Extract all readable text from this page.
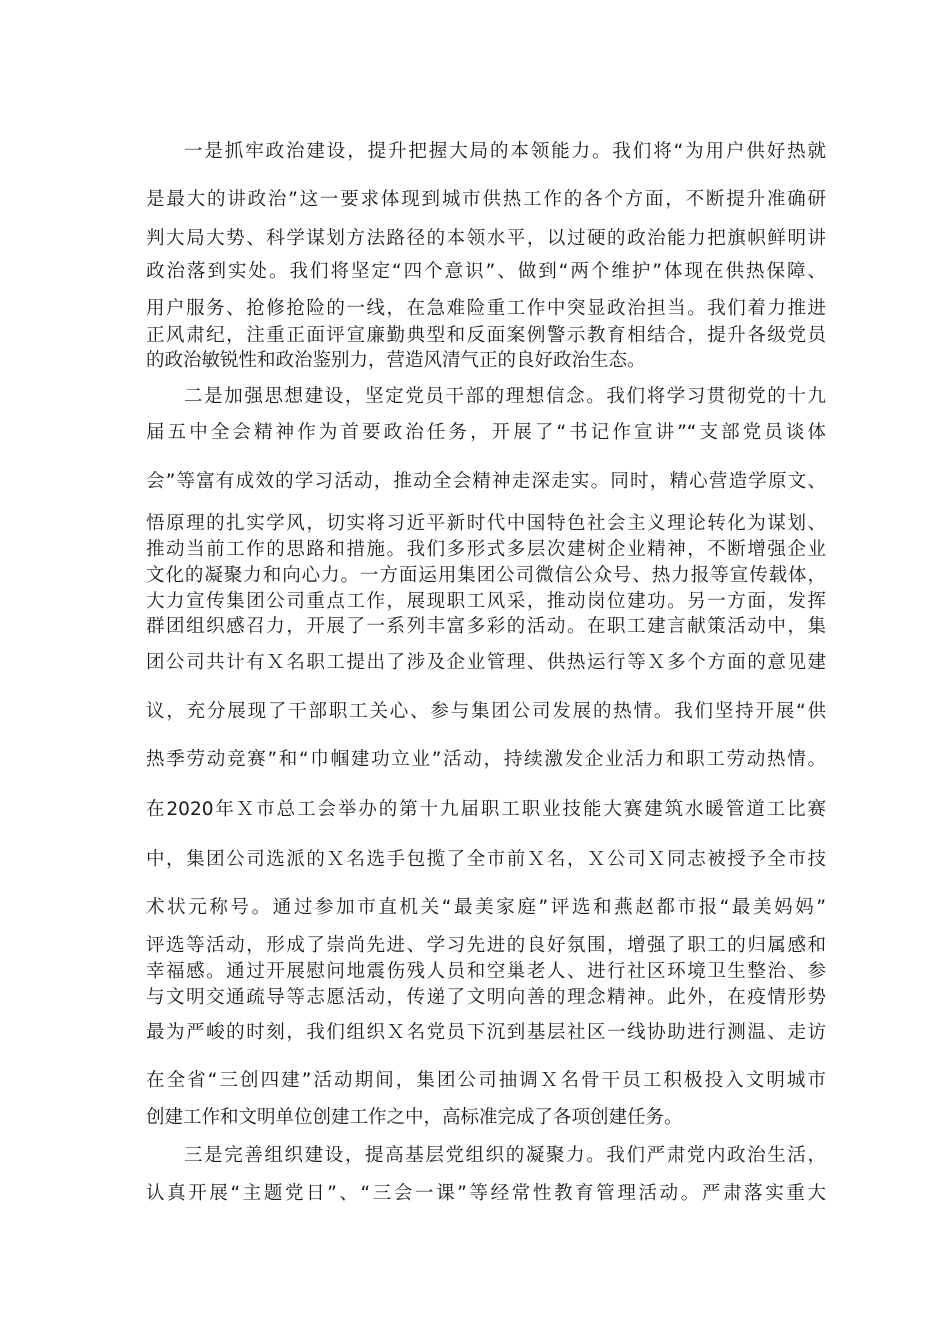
一是抓牢政治建设，提升把握大局的本领能力。我们将“为用户供好热就
是最大的讲政治”这一要求体现到城市供热工作的各个方面，不断提升准确研
判大局大势、科学谋划方法路径的本领水平，以过硬的政治能力把旗帜鲜明讲
政治落到实处。我们将坚定“四个意识”、做到“两个维护”体现在供热保障、
用户服务、抢修抢险的一线，在急难险重工作中突显政治担当。我们着力推进
正风肃纪，注重正面评宣廉勤典型和反面案例警示教育相结合，提升各级党员
的政治敏锐性和政治鉴别力，营造风清气正的良好政治生态。
二是加强思想建设，坚定党员干部的理想信念。我们将学习贯彻党的十九
届五中全会精神作为首要政治任务，开展了“书记作宣讲”“支部党员谈体
会”等富有成效的学习活动，推动全会精神走深走实。同时，精心营造学原文、
悟原理的扎实学风，切实将习近平新时代中国特色社会主义理论转化为谋划、
推动当前工作的思路和措施。我们多形式多层次建树企业精神，不断增强企业
文化的凝聚力和向心力。一方面运用集团公司微信公众号、热力报等宣传载体，
大力宣传集团公司重点工作，展现职工风采，推动岗位建功。另一方面，发挥
群团组织感召力，开展了一系列丰富多彩的活动。在职工建言献策活动中，集
团公司共计有Ｘ名职工提出了涉及企业管理、供热运行等Ｘ多个方面的意见建
议，充分展现了干部职工关心、参与集团公司发展的热情。我们坚持开展“供
热季劳动竞赛”和“巾帼建功立业”活动，持续激发企业活力和职工劳动热情。
在2020年Ｘ市总工会举办的第十九届职工职业技能大赛建筑水暖管道工比赛
中，集团公司选派的Ｘ名选手包揽了全市前Ｘ名，Ｘ公司Ｘ同志被授予全市技
术状元称号。通过参加市直机关“最美家庭”评选和燕赵都市报“最美妈妈”
评选等活动，形成了崇尚先进、学习先进的良好氛围，增强了职工的归属感和
幸福感。通过开展慰问地震伤残人员和空巢老人、进行社区环境卫生整治、参
与文明交通疏导等志愿活动，传递了文明向善的理念精神。此外，在疫情形势
最为严峻的时刻，我们组织Ｘ名党员下沉到基层社区一线协助进行测温、走访
在全省“三创四建”活动期间，集团公司抽调Ｘ名骨干员工积极投入文明城市
创建工作和文明单位创建工作之中，高标准完成了各项创建任务。
三是完善组织建设，提高基层党组织的凝聚力。我们严肃党内政治生活，
认真开展“主题党日”、“三会一课”等经常性教育管理活动。严肃落实重大
